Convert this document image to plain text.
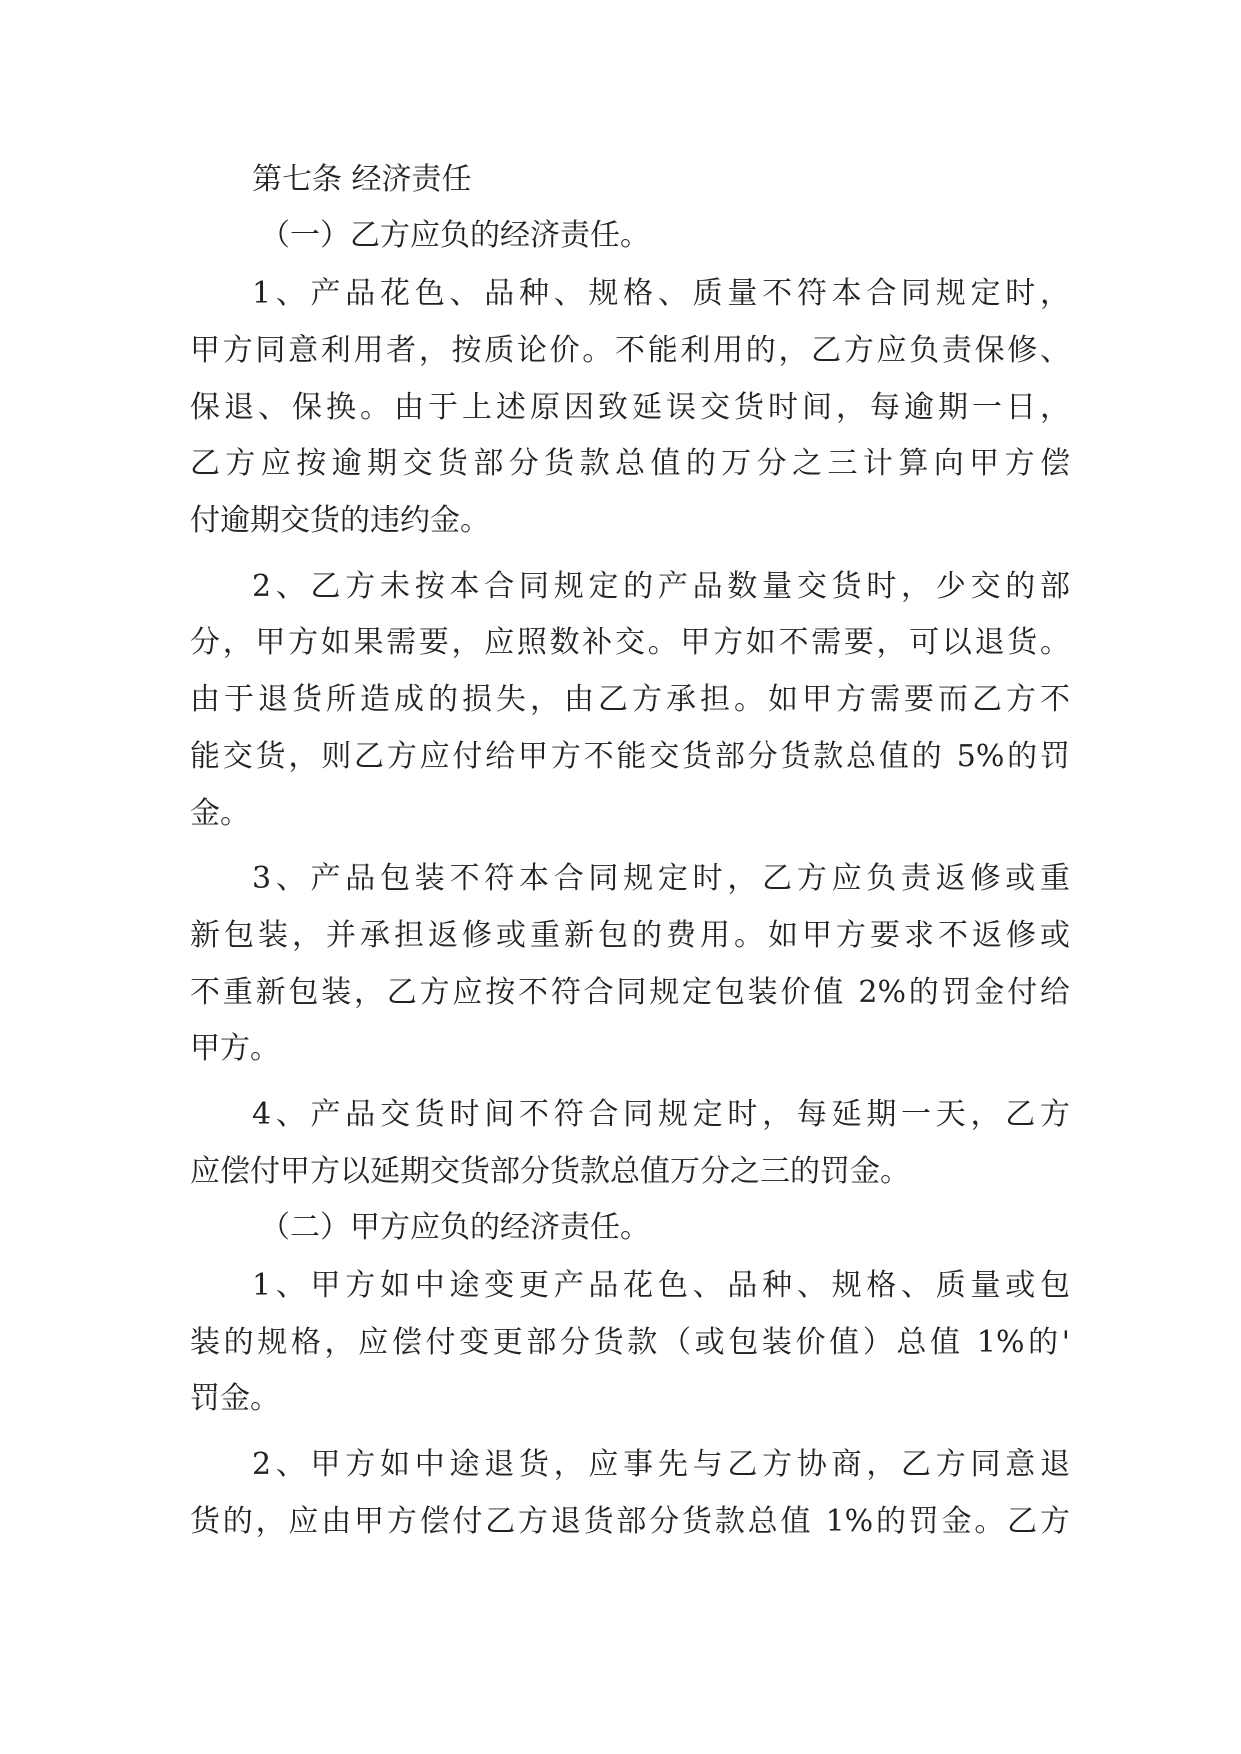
第七条 经济责任
（一）乙方应负的经济责任。
1、产品花色、品种、规格、质量不符本合同规定时，
甲方同意利用者，按质论价。不能利用的，乙方应负责保修、
保退、保换。由于上述原因致延误交货时间，每逾期一日，
乙方应按逾期交货部分货款总值的万分之三计算向甲方偿
付逾期交货的违约金。
2、乙方未按本合同规定的产品数量交货时，少交的部
分，甲方如果需要，应照数补交。甲方如不需要，可以退货。
由于退货所造成的损失，由乙方承担。如甲方需要而乙方不
能交货，则乙方应付给甲方不能交货部分货款总值的 5%的罚
金。
3、产品包装不符本合同规定时，乙方应负责返修或重
新包装，并承担返修或重新包的费用。如甲方要求不返修或
不重新包装，乙方应按不符合同规定包装价值 2%的罚金付给
甲方。
4、产品交货时间不符合同规定时，每延期一天，乙方
应偿付甲方以延期交货部分货款总值万分之三的罚金。
（二）甲方应负的经济责任。
1、甲方如中途变更产品花色、品种、规格、质量或包
装的规格，应偿付变更部分货款（或包装价值）总值 1%的'
罚金。
2、甲方如中途退货，应事先与乙方协商，乙方同意退
货的，应由甲方偿付乙方退货部分货款总值 1%的罚金。乙方
